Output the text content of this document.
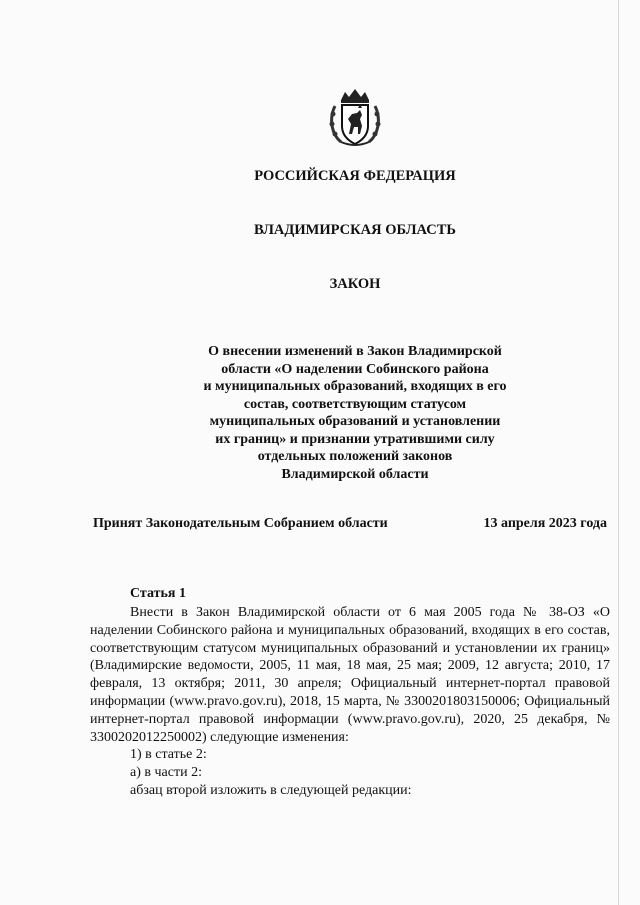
РОССИЙСКАЯ ФЕДЕРАЦИЯ
ВЛАДИМИРСКАЯ ОБЛАСТЬ
ЗАКОН
О внесении изменений в Закон Владимирской
области «О наделении Собинского района
и муниципальных образований, входящих в его
состав, соответствующим статусом
муниципальных образований и установлении
их границ» и признании утратившими силу
отдельных положений законов
Владимирской области
Принят Законодательным Собранием области	13 апреля 2023 года
Статья 1

Внести в Закон Владимирской области от 6 мая 2005 года № 38-ОЗ «О наделении Собинского района и муниципальных образований, входящих в его состав, соответствующим статусом муниципальных образований и установлении их границ» (Владимирские ведомости, 2005, 11 мая, 18 мая, 25 мая; 2009, 12 августа; 2010, 17 февраля, 13 октября; 2011, 30 апреля; Официальный интернет-портал правовой информации (www.pravo.gov.ru), 2018, 15 марта, № 3300201803150006; Официальный интернет-портал правовой информации (www.pravo.gov.ru), 2020, 25 декабря, № 3300202012250002) следующие изменения:

1) в статье 2:

а) в части 2:

абзац второй изложить в следующей редакции:
